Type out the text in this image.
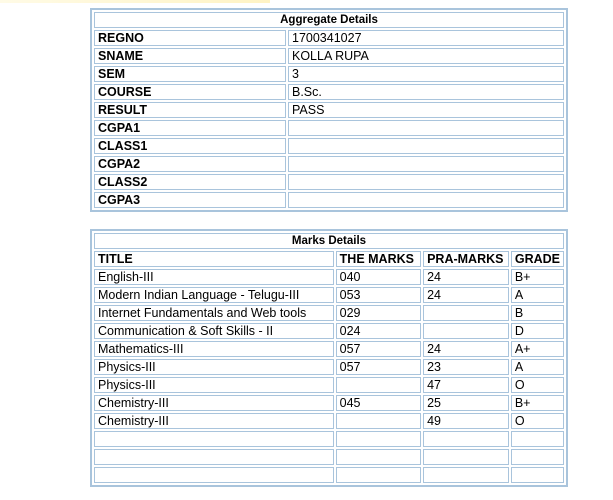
Aggregate Details	
REGNO	1700341027
SNAME	KOLLA RUPA
SEM	3
COURSE	B.Sc.
RESULT	PASS
CGPA1	
CLASS1	
CGPA2	
CLASS2	
CGPA3	
Marks Details			
TITLE	THE MARKS	PRA-MARKS	GRADE
English-III	040	24	B+
Modern Indian Language - Telugu-III	053	24	A
Internet Fundamentals and Web tools	029		B
Communication & Soft Skills - II	024		D
Mathematics-III	057	24	A+
Physics-III	057	23	A
Physics-III		47	O
Chemistry-III	045	25	B+
Chemistry-III		49	O
